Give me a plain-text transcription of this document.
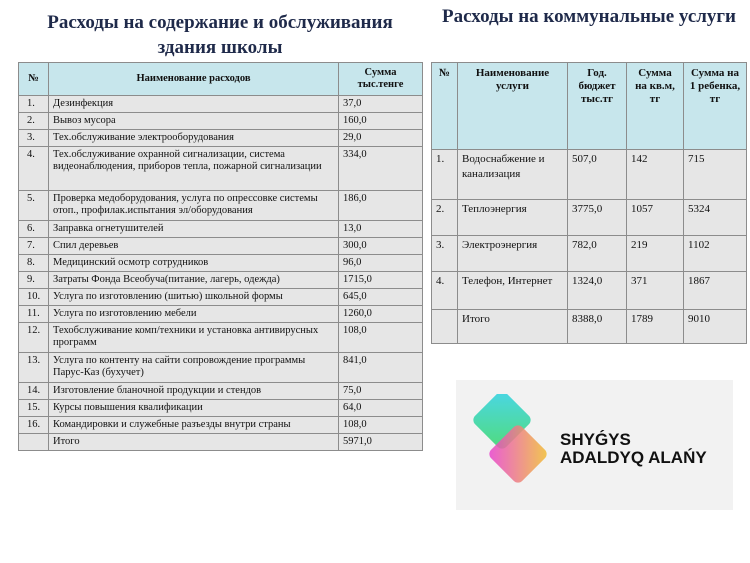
Расходы на содержание и обслуживания здания школы
Расходы на коммунальные услуги
№	Наименование расходов	Сумма тыс.тенге
1.	Дезинфекция	37,0
2.	Вывоз мусора	160,0
3.	Тех.обслуживание электрооборудования	29,0
4.	Тех.обслуживание охранной сигнализации, система видеонаблюдения, приборов тепла, пожарной сигнализации	334,0
5.	Проверка медоборудования, услуга по опрессовке системы отоп., профилак.испытания эл/оборудования	186,0
6.	Заправка огнетушителей	13,0
7.	Спил деревьев	300,0
8.	Медицинский осмотр сотрудников	96,0
9.	Затраты Фонда Всеобуча(питание, лагерь, одежда)	1715,0
10.	Услуга по изготовлению (шитью) школьной формы	645,0
11.	Услуга по изготовлению мебели	1260,0
12.	Техобслуживание комп/техники и установка антивирусных программ	108,0
13.	Услуга по контенту на сайти сопровождение программы Парус-Каз (бухучет)	841,0
14.	Изготовление бланочной продукции и стендов	75,0
15.	Курсы повышения квалификации	64,0
16.	Командировки и служебные разъезды внутри страны	108,0
	Итого	5971,0
№	Наименование услуги	Год. бюджет тыс.тг	Сумма на кв.м, тг	Сумма на 1 ребенка, тг
1.	Водоснабжение и канализация	507,0	142	715
2.	Теплоэнергия	3775,0	1057	5324
3.	Электроэнергия	782,0	219	1102
4.	Телефон, Интернет	1324,0	371	1867
	Итого	8388,0	1789	9010
SHYǴYS
ADALDYQ ALAŃY
